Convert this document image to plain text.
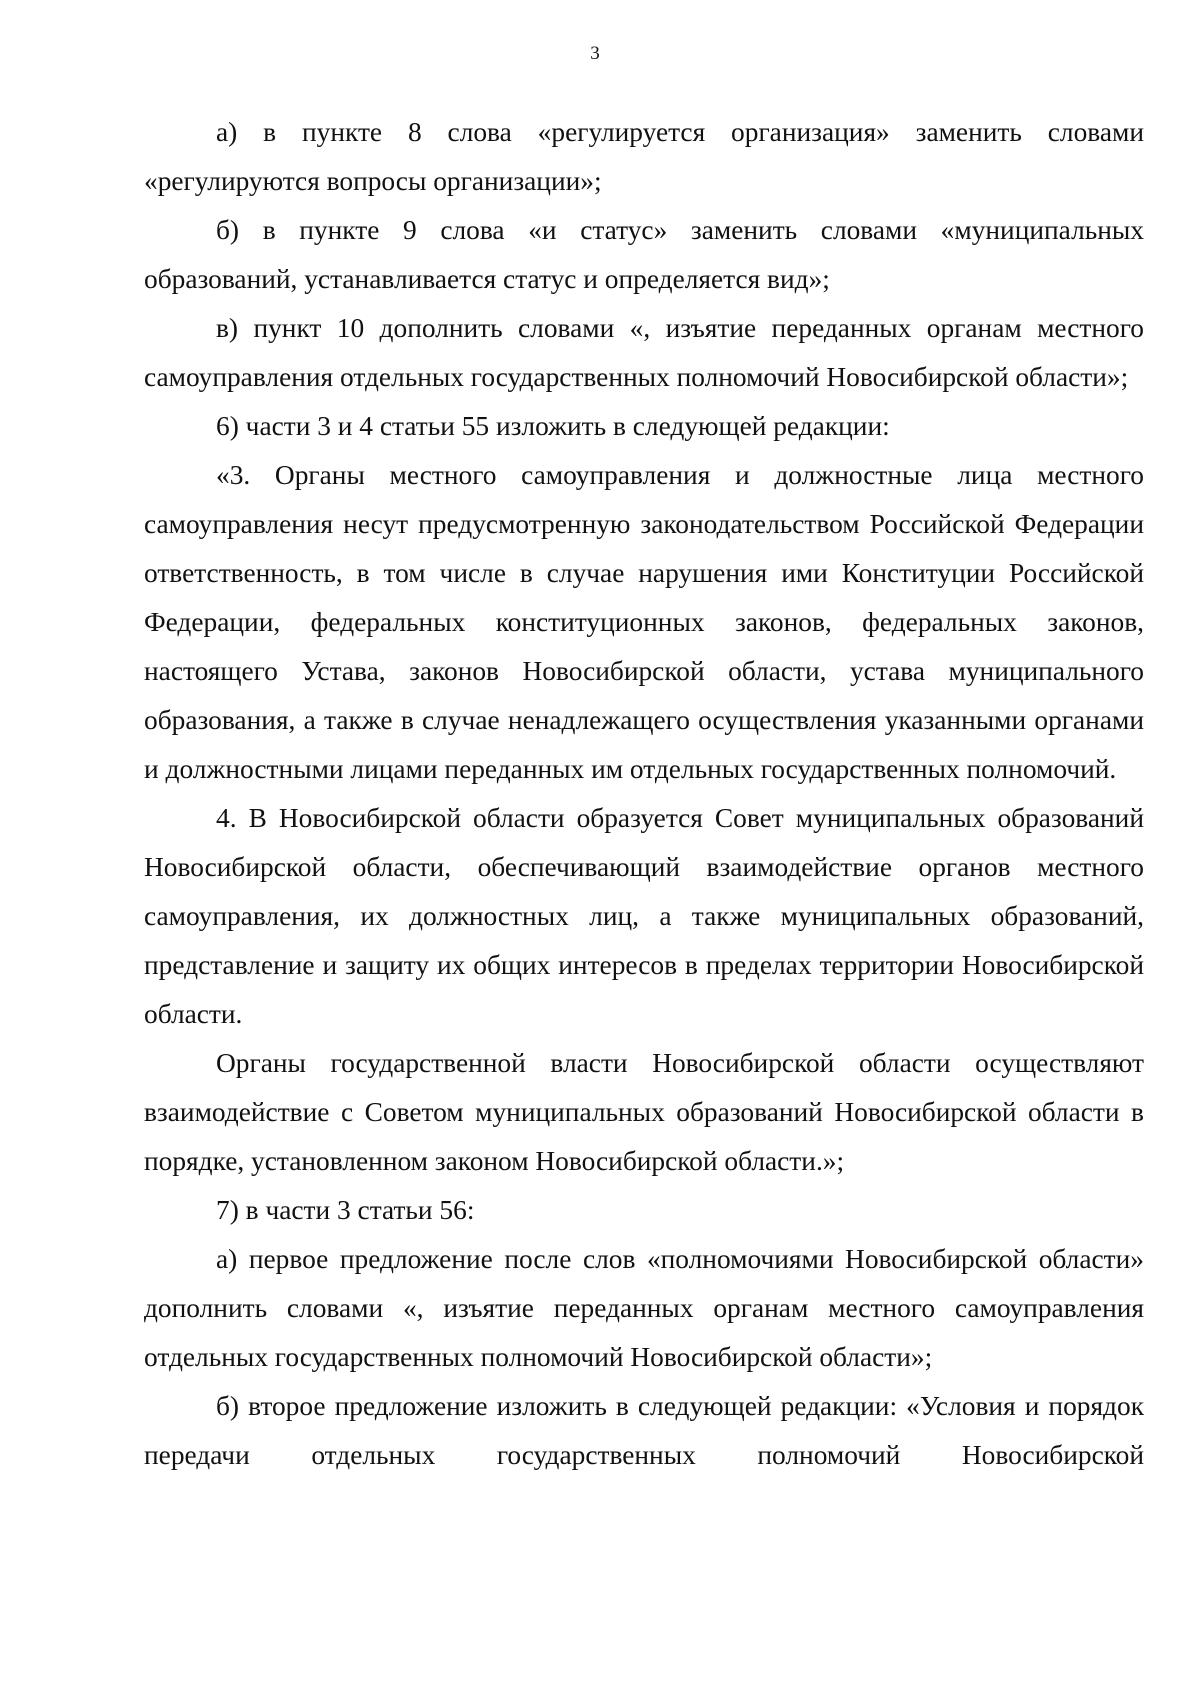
3

а) в пункте 8 слова «регулируется организация» заменить словами «регулируются вопросы организации»;

б) в пункте 9 слова «и статус» заменить словами «муниципальных образований, устанавливается статус и определяется вид»;

в) пункт 10 дополнить словами «, изъятие переданных органам местного самоуправления отдельных государственных полномочий Новосибирской области»;

6) части 3 и 4 статьи 55 изложить в следующей редакции:

«3. Органы местного самоуправления и должностные лица местного самоуправления несут предусмотренную законодательством Российской Федерации ответственность, в том числе в случае нарушения ими Конституции Российской Федерации, федеральных конституционных законов, федеральных законов, настоящего Устава, законов Новосибирской области, устава муниципального образования, а также в случае ненадлежащего осуществления указанными органами и должностными лицами переданных им отдельных государственных полномочий.

4. В Новосибирской области образуется Совет муниципальных образований Новосибирской области, обеспечивающий взаимодействие органов местного самоуправления, их должностных лиц, а также муниципальных образований, представление и защиту их общих интересов в пределах территории Новосибирской области.

Органы государственной власти Новосибирской области осуществляют взаимодействие с Советом муниципальных образований Новосибирской области в порядке, установленном законом Новосибирской области.»;

7) в части 3 статьи 56:

а) первое предложение после слов «полномочиями Новосибирской области» дополнить словами «, изъятие переданных органам местного самоуправления отдельных государственных полномочий Новосибирской области»;

б) второе предложение изложить в следующей редакции: «Условия и порядок передачи отдельных государственных полномочий Новосибирской
